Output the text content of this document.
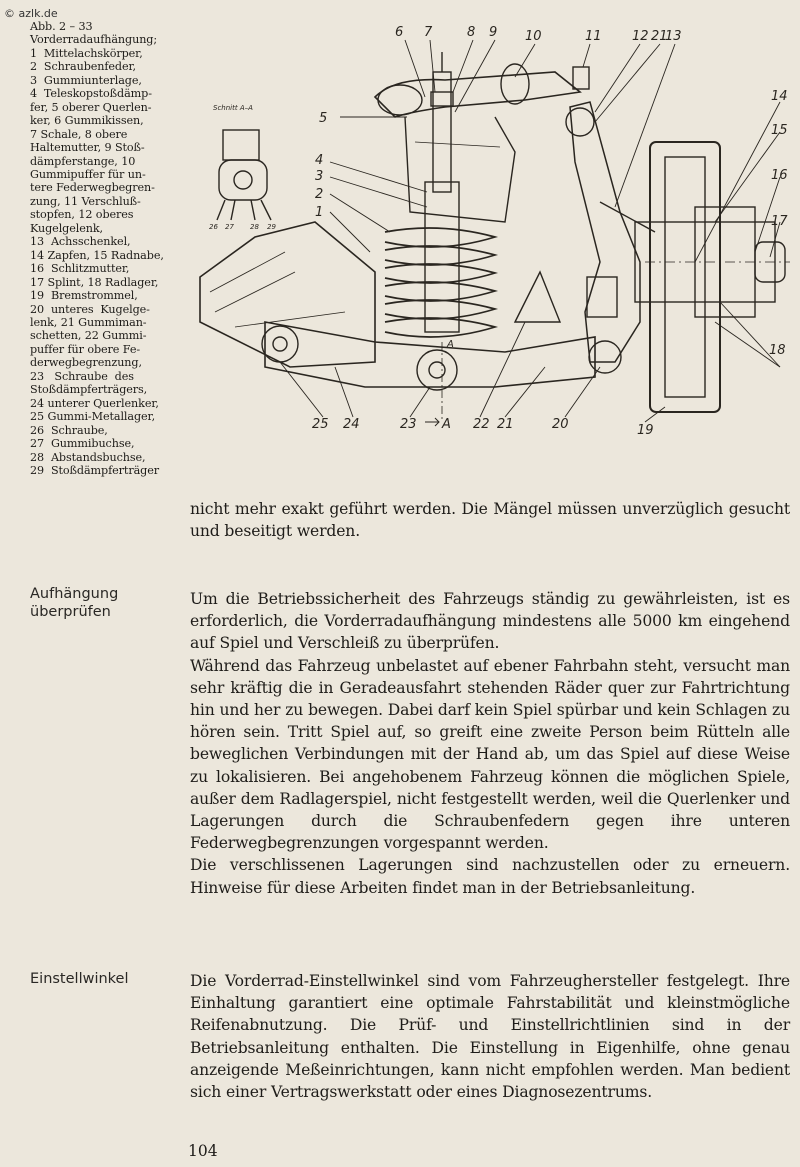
© azlk.de
Abb. 2 – 33
Vorderradaufhängung;
1  Mittelachskörper,
2  Schraubenfeder,
3  Gummiunterlage,
4  Teleskopstoßdämp-
fer, 5 oberer Querlen-
ker, 6 Gummikissen,
7 Schale, 8 obere
Haltemutter, 9 Stoß-
dämpferstange, 10
Gummipuffer für un-
tere Federwegbegren-
zung, 11 Verschluß-
stopfen, 12 oberes
Kugelgelenk,
13  Achsschenkel,
14 Zapfen, 15 Radnabe,
16  Schlitzmutter,
17 Splint, 18 Radlager,
19  Bremstrommel,
20  unteres  Kugelge-
lenk, 21 Gummiman-
schetten, 22 Gummi-
puffer für obere Fe-
derwegbegrenzung,
23   Schraube  des
Stoßdämpferträgers,
24 unterer Querlenker,
25 Gummi-Metallager,
26  Schraube,
27  Gummibuchse,
28  Abstandsbuchse,
29  Stoßdämpferträger
Schnitt A–A
26 27 28 29
6 7	8 9 10	11 12 21
13
5
4
3
2
1
14
15
16
17
18
25 24	23 A 22 21	20	19
A
nicht mehr exakt geführt werden. Die Mängel müssen unverzüglich gesucht und beseitigt werden.
Aufhängung
überprüfen
Um die Betriebssicherheit des Fahrzeugs ständig zu gewährleisten, ist es erforderlich, die Vorderradaufhängung mindestens alle 5000 km eingehend auf Spiel und Verschleiß zu überprüfen.
Während das Fahrzeug unbelastet auf ebener Fahrbahn steht, versucht man sehr kräftig die in Geradeausfahrt stehenden Räder quer zur Fahrtrichtung hin und her zu bewegen. Dabei darf kein Spiel spürbar und kein Schlagen zu hören sein. Tritt Spiel auf, so greift eine zweite Person beim Rütteln alle beweglichen Verbindungen mit der Hand ab, um das Spiel auf diese Weise zu lokalisieren. Bei angehobenem Fahrzeug können die möglichen Spiele, außer dem Radlagerspiel, nicht festgestellt werden, weil die Querlenker und Lagerungen durch die Schraubenfedern gegen ihre unteren Federwegbegrenzungen vorgespannt werden.
Die verschlissenen Lagerungen sind nachzustellen oder zu erneuern. Hinweise für diese Arbeiten findet man in der Betriebsanleitung.
Einstellwinkel	Die Vorderrad-Einstellwinkel sind vom Fahrzeughersteller festgelegt. Ihre Einhaltung garantiert eine optimale Fahrstabilität und kleinstmögliche Reifenabnutzung. Die Prüf- und Einstellrichtlinien sind in der Betriebsanleitung enthalten. Die Einstellung in Eigenhilfe, ohne genau anzeigende Meßeinrichtungen, kann nicht empfohlen werden. Man bedient sich einer Vertragswerkstatt oder eines Diagnosezentrums.
104
